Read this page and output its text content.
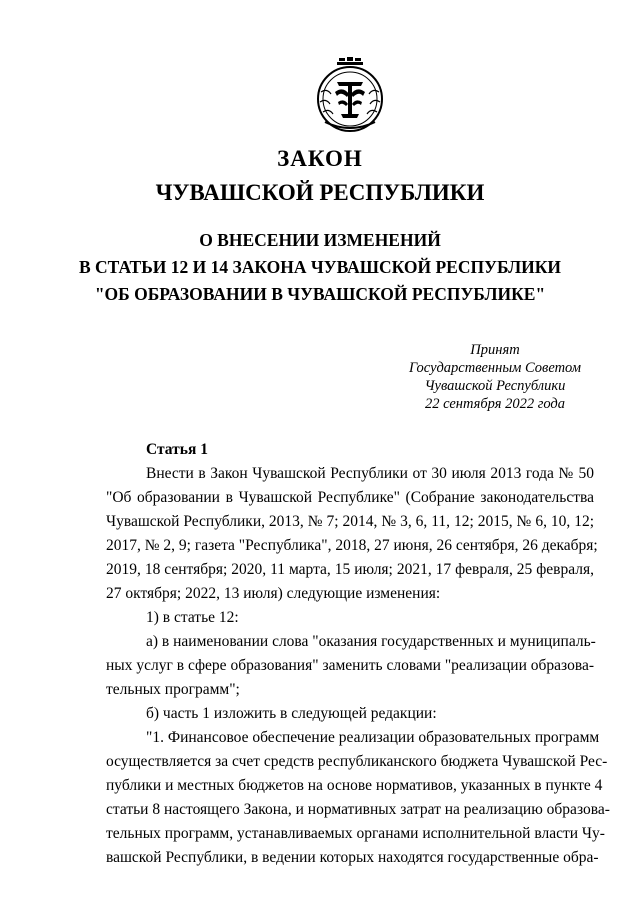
ЗАКОН
ЧУВАШСКОЙ РЕСПУБЛИКИ
О ВНЕСЕНИИ ИЗМЕНЕНИЙ
В СТАТЬИ 12 И 14 ЗАКОНА ЧУВАШСКОЙ РЕСПУБЛИКИ
"ОБ ОБРАЗОВАНИИ В ЧУВАШСКОЙ РЕСПУБЛИКЕ"
Принят
Государственным Советом
Чувашской Республики
22 сентября 2022 года
Статья 1
Внести в Закон Чувашской Республики от 30 июля 2013 года № 50
"Об образовании в Чувашской Республике" (Собрание законодательства
Чувашской Республики, 2013, № 7; 2014, № 3, 6, 11, 12; 2015, № 6, 10, 12;
2017, № 2, 9; газета "Республика", 2018, 27 июня, 26 сентября, 26 декабря;
2019, 18 сентября; 2020, 11 марта, 15 июля; 2021, 17 февраля, 25 февраля,
27 октября; 2022, 13 июля) следующие изменения:
1) в статье 12:
а) в наименовании слова "оказания государственных и муниципаль-
ных услуг в сфере образования" заменить словами "реализации образова-
тельных программ";
б) часть 1 изложить в следующей редакции:
"1. Финансовое обеспечение реализации образовательных программ
осуществляется за счет средств республиканского бюджета Чувашской Рес-
публики и местных бюджетов на основе нормативов, указанных в пункте 4
статьи 8 настоящего Закона, и нормативных затрат на реализацию образова-
тельных программ, устанавливаемых органами исполнительной власти Чу-
вашской Республики, в ведении которых находятся государственные обра-
